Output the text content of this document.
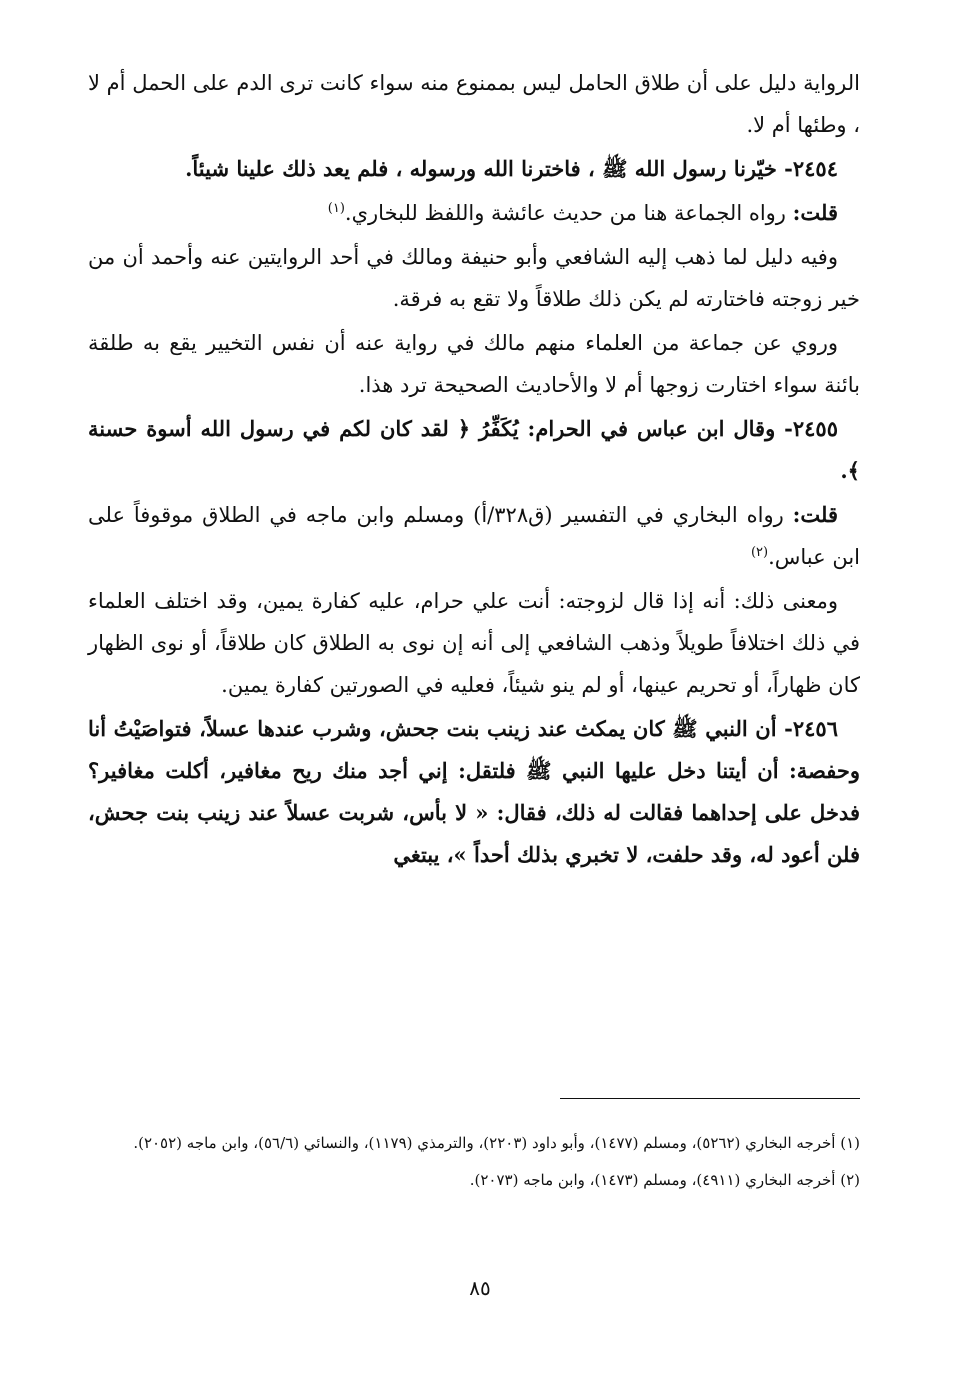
الرواية دليل على أن طلاق الحامل ليس بممنوع منه سواء كانت ترى الدم على الحمل أم لا ، وطئها أم لا.

٢٤٥٤- خيّرنا رسول الله ﷺ ، فاخترنا الله ورسوله ، فلم يعد ذلك علينا شيئاً.

قلت: رواه الجماعة هنا من حديث عائشة واللفظ للبخاري.$^{(١)}$

وفيه دليل لما ذهب إليه الشافعي وأبو حنيفة ومالك في أحد الروايتين عنه وأحمد أن من خير زوجته فاختارته لم يكن ذلك طلاقاً ولا تقع به فرقة.

وروي عن جماعة من العلماء منهم مالك في رواية عنه أن نفس التخيير يقع به طلقة بائنة سواء اختارت زوجها أم لا والأحاديث الصحيحة ترد هذا.

٢٤٥٥- وقال ابن عباس في الحرام: يُكَفِّرُ ﴿ لقد كان لكم في رسول الله أسوة حسنة ﴾.

قلت: رواه البخاري في التفسير (ق٣٢٨/أ) ومسلم وابن ماجه في الطلاق موقوفاً على ابن عباس.$^{(٢)}$

ومعنى ذلك: أنه إذا قال لزوجته: أنت علي حرام، عليه كفارة يمين، وقد اختلف العلماء في ذلك اختلافاً طويلاً وذهب الشافعي إلى أنه إن نوى به الطلاق كان طلاقاً، أو نوى الظهار كان ظهاراً، أو تحريم عينها، أو لم ينو شيئاً، فعليه في الصورتين كفارة يمين.

٢٤٥٦- أن النبي ﷺ كان يمكث عند زينب بنت جحش، وشرب عندها عسلاً، فتواصَيْتُ أنا وحفصة: أن أيتنا دخل عليها النبي ﷺ فلتقل: إني أجد منك ريح مغافير، أكلت مغافير؟ فدخل على إحداهما فقالت له ذلك، فقال: « لا بأس، شربت عسلاً عند زينب بنت جحش، فلن أعود له، وقد حلفت، لا تخبري بذلك أحداً »، يبتغي

(١) أخرجه البخاري (٥٢٦٢)، ومسلم (١٤٧٧)، وأبو داود (٢٢٠٣)، والترمذي (١١٧٩)، والنسائي (٥٦/٦)، وابن ماجه (٢٠٥٢).

(٢) أخرجه البخاري (٤٩١١)، ومسلم (١٤٧٣)، وابن ماجه (٢٠٧٣).

٨٥
